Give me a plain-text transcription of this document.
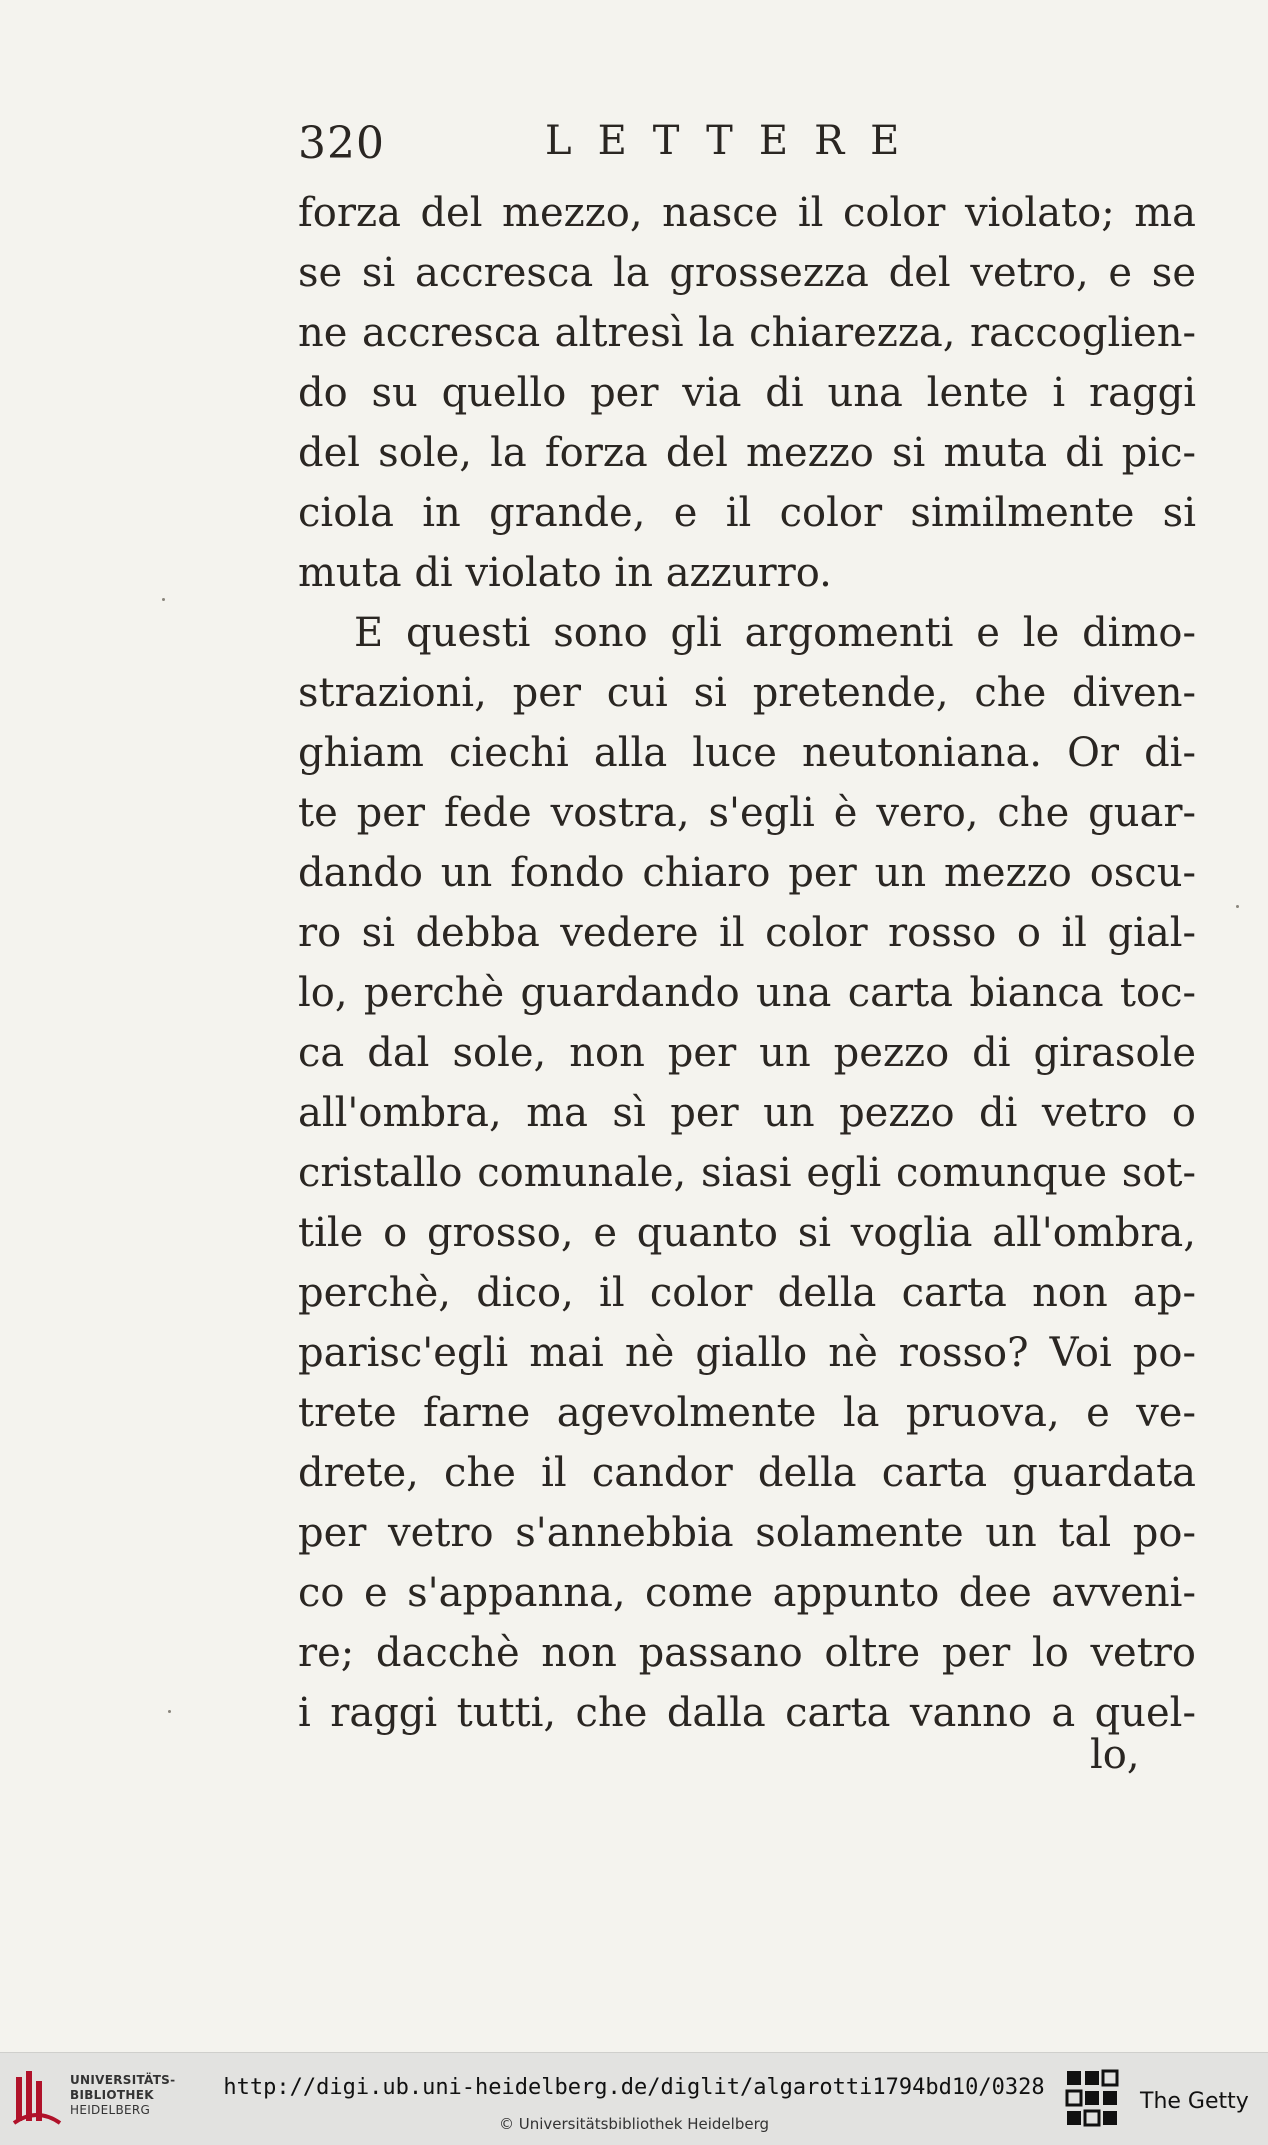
320	LETTERE
forza del mezzo, nasce il color violato; ma
se si accresca la grossezza del vetro, e se
ne accresca altresì la chiarezza, raccoglien-
do su quello per via di una lente i raggi
del sole, la forza del mezzo si muta di pic-
ciola in grande, e il color similmente si
muta di violato in azzurro.
E questi sono gli argomenti e le dimo-
strazioni, per cui si pretende, che diven-
ghiam ciechi alla luce neutoniana. Or di-
te per fede vostra, s'egli è vero, che guar-
dando un fondo chiaro per un mezzo oscu-
ro si debba vedere il color rosso o il gial-
lo, perchè guardando una carta bianca toc-
ca dal sole, non per un pezzo di girasole
all'ombra, ma sì per un pezzo di vetro o
cristallo comunale, siasi egli comunque sot-
tile o grosso, e quanto si voglia all'ombra,
perchè, dico, il color della carta non ap-
parisc'egli mai nè giallo nè rosso? Voi po-
trete farne agevolmente la pruova, e ve-
drete, che il candor della carta guardata
per vetro s'annebbia solamente un tal po-
co e s'appanna, come appunto dee avveni-
re; dacchè non passano oltre per lo vetro
i raggi tutti, che dalla carta vanno a quel-
lo,
UNIVERSITÄTS-
BIBLIOTHEK
HEIDELBERG
http://digi.ub.uni-heidelberg.de/diglit/algarotti1794bd10/0328
© Universitätsbibliothek Heidelberg
The Getty
